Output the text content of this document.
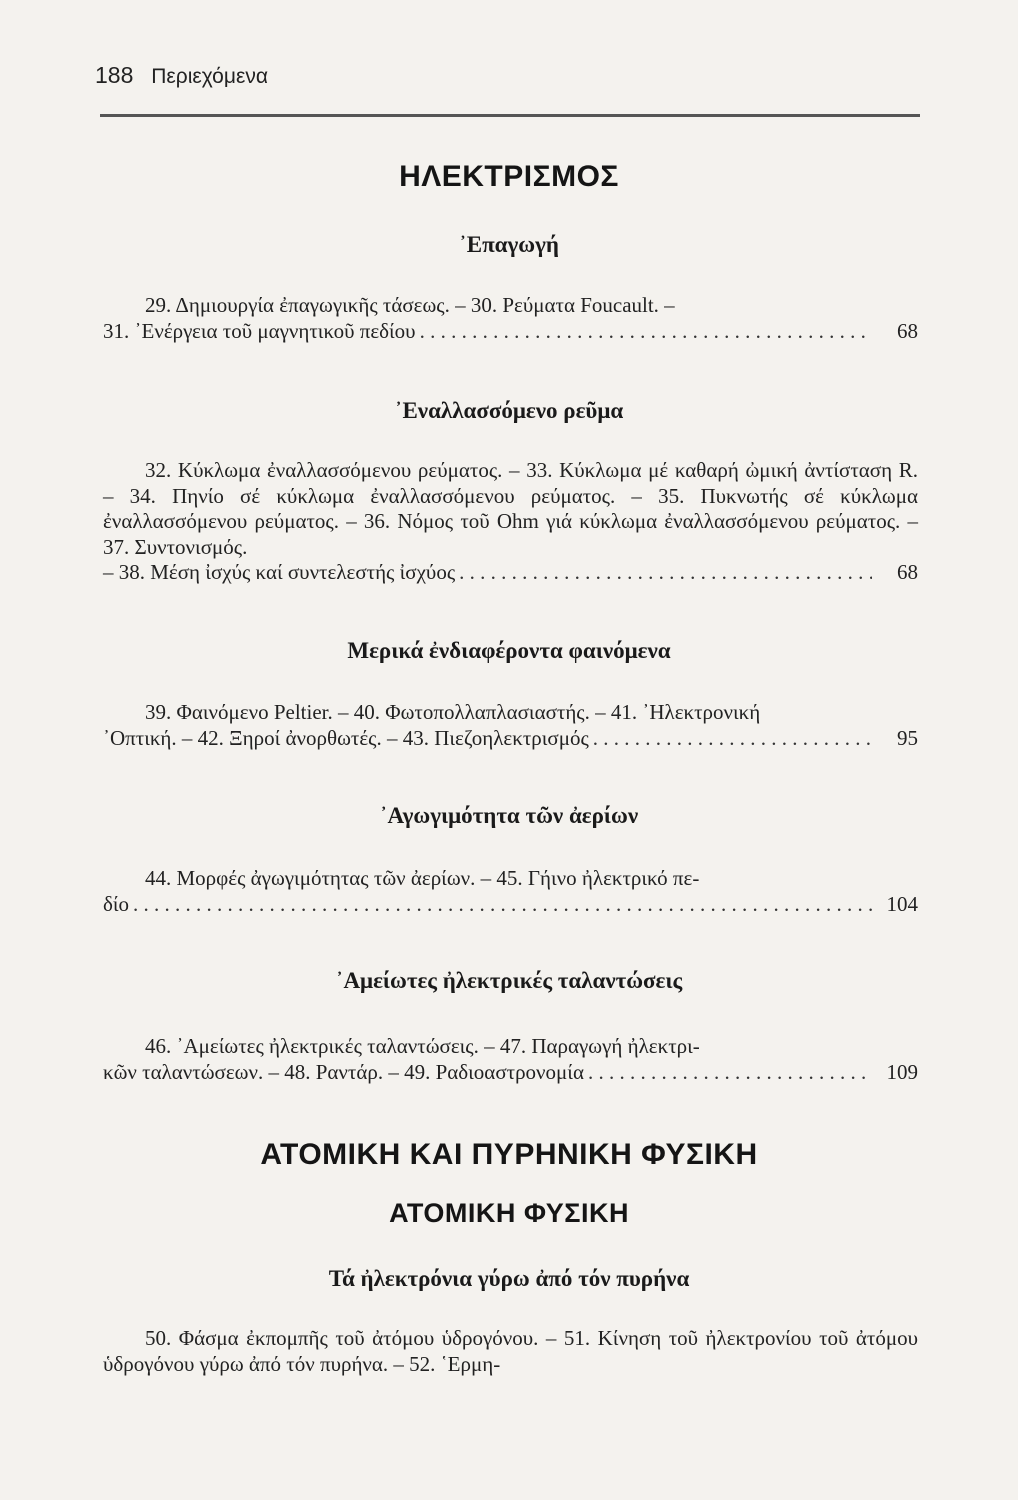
188 Περιεχόμενα
ΗΛΕΚΤΡΙΣΜΟΣ
᾽Επαγωγή
29. Δημιουργία ἐπαγωγικῆς τάσεως. – 30. Ρεύματα Foucault. –
31. ᾽Ενέργεια τοῦ μαγνητικοῦ πεδίου . . .	68
᾽Εναλλασσόμενο ρεῦμα
32. Κύκλωμα ἐναλλασσόμενου ρεύματος. – 33. Κύκλωμα μέ καθαρή ὠμική ἀντίσταση R. – 34. Πηνίο σέ κύκλωμα ἐναλλασσόμενου ρεύματος. – 35. Πυκνωτής σέ κύκλωμα ἐναλλασσόμενου ρεύματος. – 36. Νόμος τοῦ Ohm γιά κύκλωμα ἐναλλασσόμενου ρεύματος. – 37. Συντονισμός.
– 38. Μέση ἰσχύς καί συντελεστής ἰσχύος . . .	68
Μερικά ἐνδιαφέροντα φαινόμενα
39. Φαινόμενο Peltier. – 40. Φωτοπολλαπλασιαστής. – 41. ᾽Ηλεκτρονική
᾽Οπτική. – 42. Ξηροί ἀνορθωτές. – 43. Πιεζοηλεκτρισμός . . .	95
᾽Αγωγιμότητα τῶν ἀερίων
44. Μορφές ἀγωγιμότητας τῶν ἀερίων. – 45. Γήινο ἠλεκτρικό πε-
δίο . . .	104
᾽Αμείωτες ἠλεκτρικές ταλαντώσεις
46. ᾽Αμείωτες ἠλεκτρικές ταλαντώσεις. – 47. Παραγωγή ἠλεκτρι-
κῶν ταλαντώσεων. – 48. Ραντάρ. – 49. Ραδιοαστρονομία . . .	109
ΑΤΟΜΙΚΗ ΚΑΙ ΠΥΡΗΝΙΚΗ ΦΥΣΙΚΗ
ΑΤΟΜΙΚΗ ΦΥΣΙΚΗ
Τά ἠλεκτρόνια γύρω ἀπό τόν πυρήνα
50. Φάσμα ἐκπομπῆς τοῦ ἀτόμου ὑδρογόνου. – 51. Κίνηση τοῦ ἠλεκτρονίου τοῦ ἀτόμου ὑδρογόνου γύρω ἀπό τόν πυρήνα. – 52. ῾Ερμη-
